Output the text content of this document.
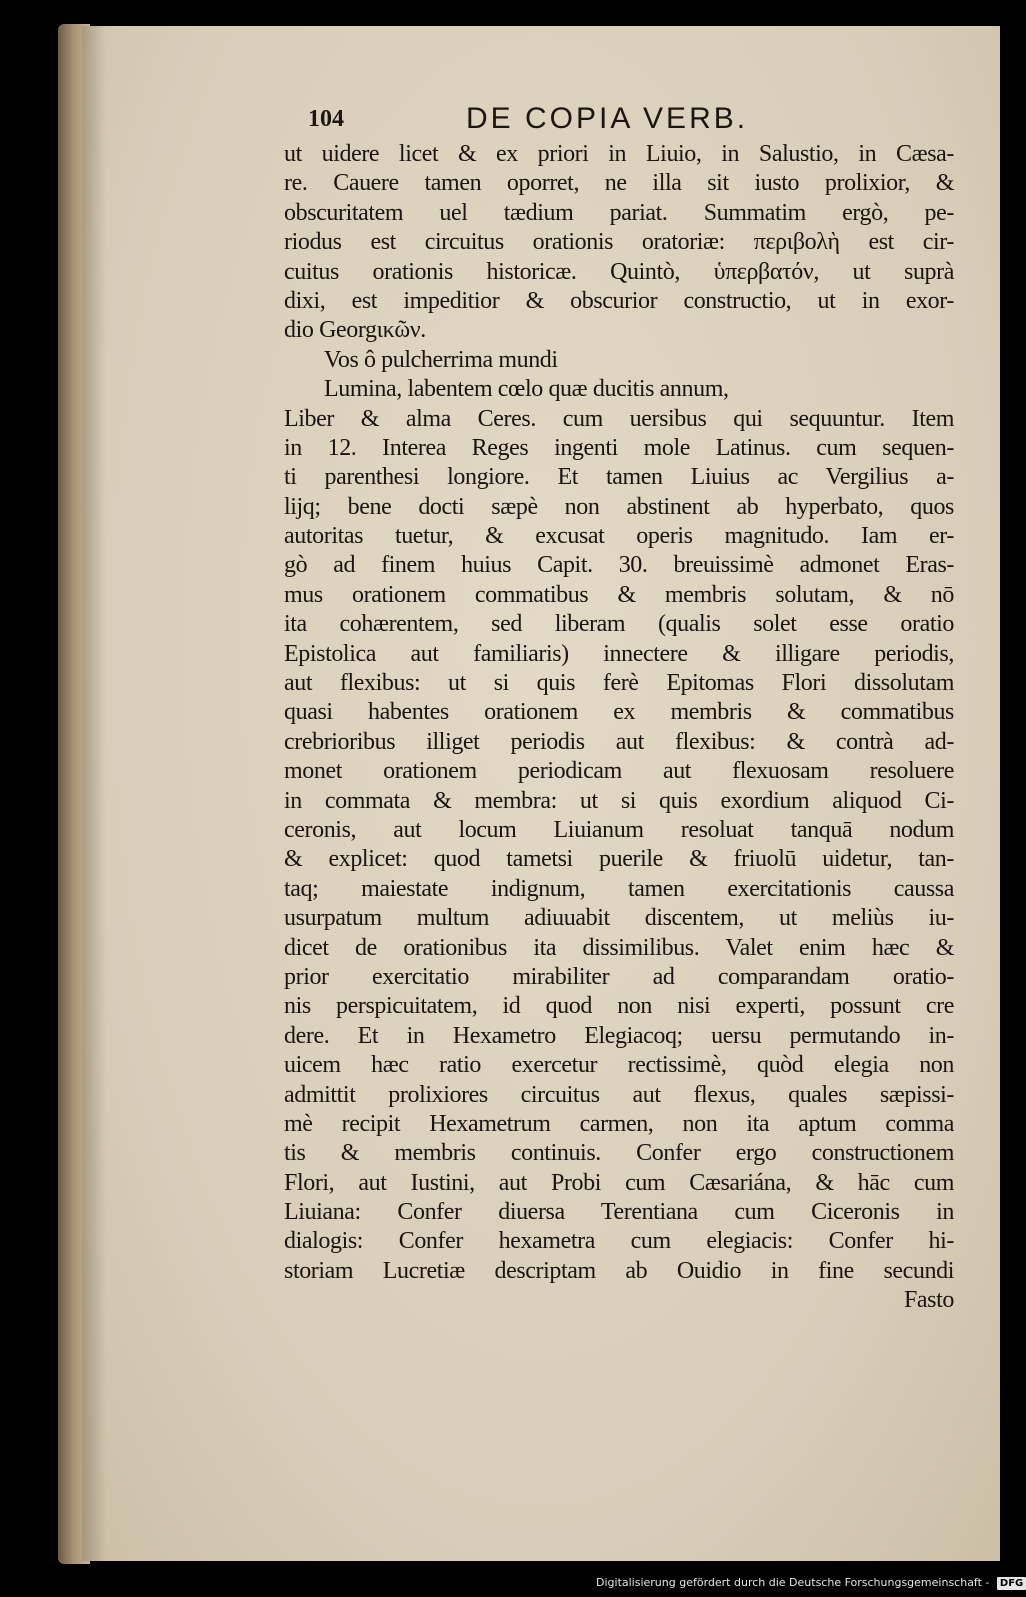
104	DE COPIA VERB.
ut uidere licet & ex priori in Liuio, in Salustio, in Cæsa-
re. Cauere tamen oporret, ne illa sit iusto prolixior, &
obscuritatem uel tædium pariat. Summatim ergò, pe-
riodus est circuitus orationis oratoriæ: περιβολὴ est cir-
cuitus orationis historicæ. Quintò, ὑπερβατόν, ut suprà
dixi, est impeditior & obscurior constructio, ut in exor-
dio Georgικῶν.
Vos ô pulcherrima mundi
Lumina, labentem cœlo quæ ducitis annum,
Liber & alma Ceres. cum uersibus qui sequuntur. Item
in 12. Interea Reges ingenti mole Latinus. cum sequen-
ti parenthesi longiore. Et tamen Liuius ac Vergilius a-
lijq; bene docti sæpè non abstinent ab hyperbato, quos
autoritas tuetur, & excusat operis magnitudo. Iam er-
gò ad finem huius Capit. 30. breuissimè admonet Eras-
mus orationem commatibus & membris solutam, & nō
ita cohærentem, sed liberam (qualis solet esse oratio
Epistolica aut familiaris) innectere & illigare periodis,
aut flexibus: ut si quis ferè Epitomas Flori dissolutam
quasi habentes orationem ex membris & commatibus
crebrioribus illiget periodis aut flexibus: & contrà ad-
monet orationem periodicam aut flexuosam resoluere
in commata & membra: ut si quis exordium aliquod Ci-
ceronis, aut locum Liuianum resoluat tanquā nodum
& explicet: quod tametsi puerile & friuolū uidetur, tan-
taq; maiestate indignum, tamen exercitationis caussa
usurpatum multum adiuuabit discentem, ut meliùs iu-
dicet de orationibus ita dissimilibus. Valet enim hæc &
prior exercitatio mirabiliter ad comparandam oratio-
nis perspicuitatem, id quod non nisi experti, possunt cre
dere. Et in Hexametro Elegiacoq; uersu permutando in-
uicem hæc ratio exercetur rectissimè, quòd elegia non
admittit prolixiores circuitus aut flexus, quales sæpissi-
mè recipit Hexametrum carmen, non ita aptum comma
tis & membris continuis. Confer ergo constructionem
Flori, aut Iustini, aut Probi cum Cæsariána, & hāc cum
Liuiana: Confer diuersa Terentiana cum Ciceronis in
dialogis: Confer hexametra cum elegiacis: Confer hi-
storiam Lucretiæ descriptam ab Ouidio in fine secundi
Fasto
Digitalisierung gefördert durch die Deutsche Forschungsgemeinschaft - DFG
